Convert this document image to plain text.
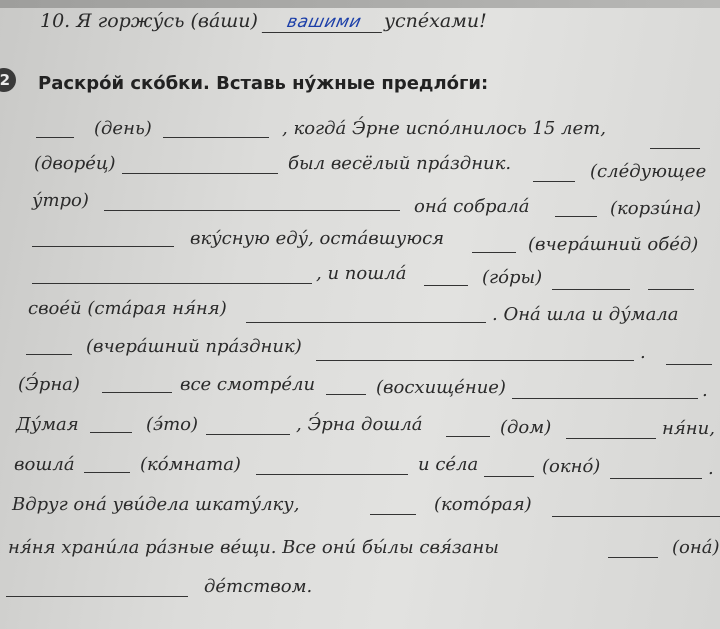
10. Я горжу́сь (ва́ши) вашими успе́хами!
2	Раскро́й ско́бки. Вставь ну́жные предло́ги:
(день)	, когда́ Э́рне испо́лнилось 15 лет,
(дворе́ц)	был весёлый пра́здник.	(сле́дующее
у́тро)	она́ собрала́	(корзи́на)
вку́сную еду́, оста́вшуюся	(вчера́шний обе́д)
, и пошла́	(го́ры)
свое́й (ста́рая ня́ня)	. Она́ шла и ду́мала
(вчера́шний пра́здник)	.
(Э́рна)	все смотре́ли	(восхище́ние)	.
Ду́мая	(э́то)	, Э́рна дошла́	(дом)	ня́ни,
вошла́	(ко́мната)	и се́ла	(окно́)	.
Вдруг она́ уви́дела шкату́лку,	(кото́рая)
ня́ня храни́ла ра́зные ве́щи. Все они́ бы́лы свя́заны	(она́)
де́тством.
